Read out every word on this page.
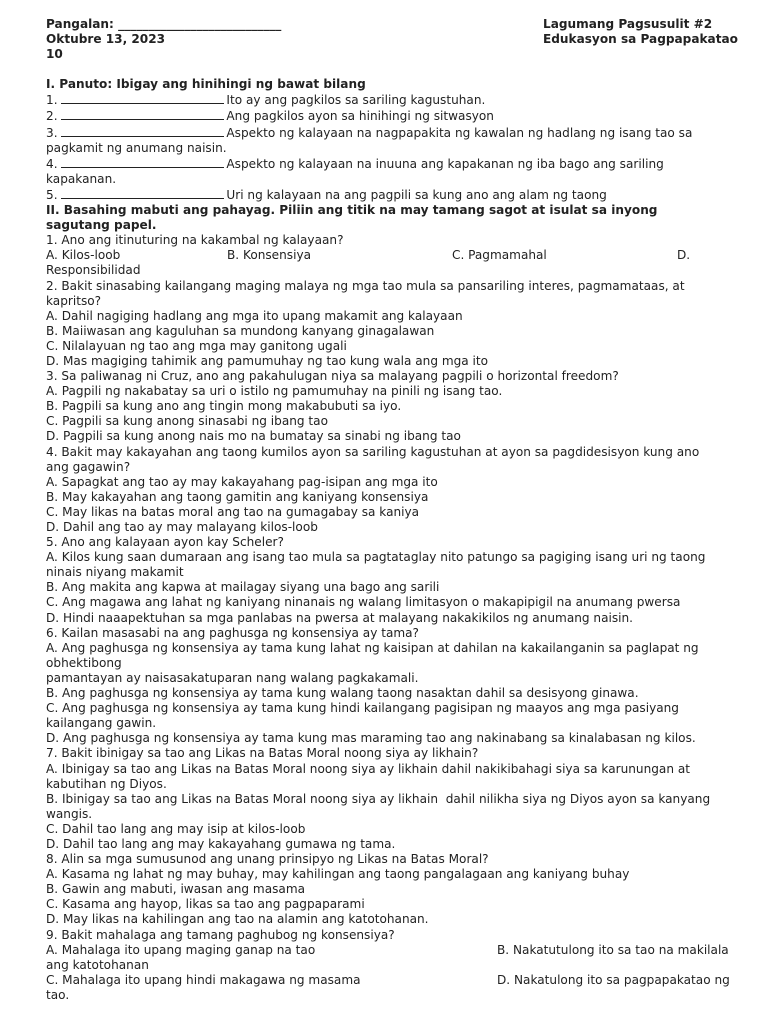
Pangalan: ___________________________
Oktubre 13, 2023
10
Lagumang Pagsusulit #2
Edukasyon sa Pagpapakatao
I. Panuto: Ibigay ang hinihingi ng bawat bilang
1.	Ito ay ang pagkilos sa sariling kagustuhan.
2.	Ang pagkilos ayon sa hinihingi ng sitwasyon
3.	Aspekto ng kalayaan na nagpapakita ng kawalan ng hadlang ng isang tao sa
pagkamit ng anumang naisin.
4.	Aspekto ng kalayaan na inuuna ang kapakanan ng iba bago ang sariling
kapakanan.
5.	Uri ng kalayaan na ang pagpili sa kung ano ang alam ng taong
II. Basahing mabuti ang pahayag. Piliin ang titik na may tamang sagot at isulat sa inyong
sagutang papel.
1. Ano ang itinuturing na kakambal ng kalayaan?
A. Kilos-loob	B. Konsensiya	C. Pagmamahal	D.
Responsibilidad
2. Bakit sinasabing kailangang maging malaya ng mga tao mula sa pansariling interes, pagmamataas, at
kapritso?
A. Dahil nagiging hadlang ang mga ito upang makamit ang kalayaan
B. Maiiwasan ang kaguluhan sa mundong kanyang ginagalawan
C. Nilalayuan ng tao ang mga may ganitong ugali
D. Mas magiging tahimik ang pamumuhay ng tao kung wala ang mga ito
3. Sa paliwanag ni Cruz, ano ang pakahulugan niya sa malayang pagpili o horizontal freedom?
A. Pagpili ng nakabatay sa uri o istilo ng pamumuhay na pinili ng isang tao.
B. Pagpili sa kung ano ang tingin mong makabubuti sa iyo.
C. Pagpili sa kung anong sinasabi ng ibang tao
D. Pagpili sa kung anong nais mo na bumatay sa sinabi ng ibang tao
4. Bakit may kakayahan ang taong kumilos ayon sa sariling kagustuhan at ayon sa pagdidesisyon kung ano
ang gagawin?
A. Sapagkat ang tao ay may kakayahang pag-isipan ang mga ito
B. May kakayahan ang taong gamitin ang kaniyang konsensiya
C. May likas na batas moral ang tao na gumagabay sa kaniya
D. Dahil ang tao ay may malayang kilos-loob
5. Ano ang kalayaan ayon kay Scheler?
A. Kilos kung saan dumaraan ang isang tao mula sa pagtataglay nito patungo sa pagiging isang uri ng taong
ninais niyang makamit
B. Ang makita ang kapwa at mailagay siyang una bago ang sarili
C. Ang magawa ang lahat ng kaniyang ninanais ng walang limitasyon o makapipigil na anumang pwersa
D. Hindi naaapektuhan sa mga panlabas na pwersa at malayang nakakikilos ng anumang naisin.
6. Kailan masasabi na ang paghusga ng konsensiya ay tama?
A. Ang paghusga ng konsensiya ay tama kung lahat ng kaisipan at dahilan na kakailanganin sa paglapat ng
obhektibong
pamantayan ay naisasakatuparan nang walang pagkakamali.
B. Ang paghusga ng konsensiya ay tama kung walang taong nasaktan dahil sa desisyong ginawa.
C. Ang paghusga ng konsensiya ay tama kung hindi kailangang pagisipan ng maayos ang mga pasiyang
kailangang gawin.
D. Ang paghusga ng konsensiya ay tama kung mas maraming tao ang nakinabang sa kinalabasan ng kilos.
7. Bakit ibinigay sa tao ang Likas na Batas Moral noong siya ay likhain?
A. Ibinigay sa tao ang Likas na Batas Moral noong siya ay likhain dahil nakikibahagi siya sa karunungan at
kabutihan ng Diyos.
B. Ibinigay sa tao ang Likas na Batas Moral noong siya ay likhain  dahil nilikha siya ng Diyos ayon sa kanyang
wangis.
C. Dahil tao lang ang may isip at kilos-loob
D. Dahil tao lang ang may kakayahang gumawa ng tama.
8. Alin sa mga sumusunod ang unang prinsipyo ng Likas na Batas Moral?
A. Kasama ng lahat ng may buhay, may kahilingan ang taong pangalagaan ang kaniyang buhay
B. Gawin ang mabuti, iwasan ang masama
C. Kasama ang hayop, likas sa tao ang pagpaparami
D. May likas na kahilingan ang tao na alamin ang katotohanan.
9. Bakit mahalaga ang tamang paghubog ng konsensiya?
A. Mahalaga ito upang maging ganap na tao	B. Nakatutulong ito sa tao na makilala
ang katotohanan
C. Mahalaga ito upang hindi makagawa ng masama	D. Nakatulong ito sa pagpapakatao ng
tao.
